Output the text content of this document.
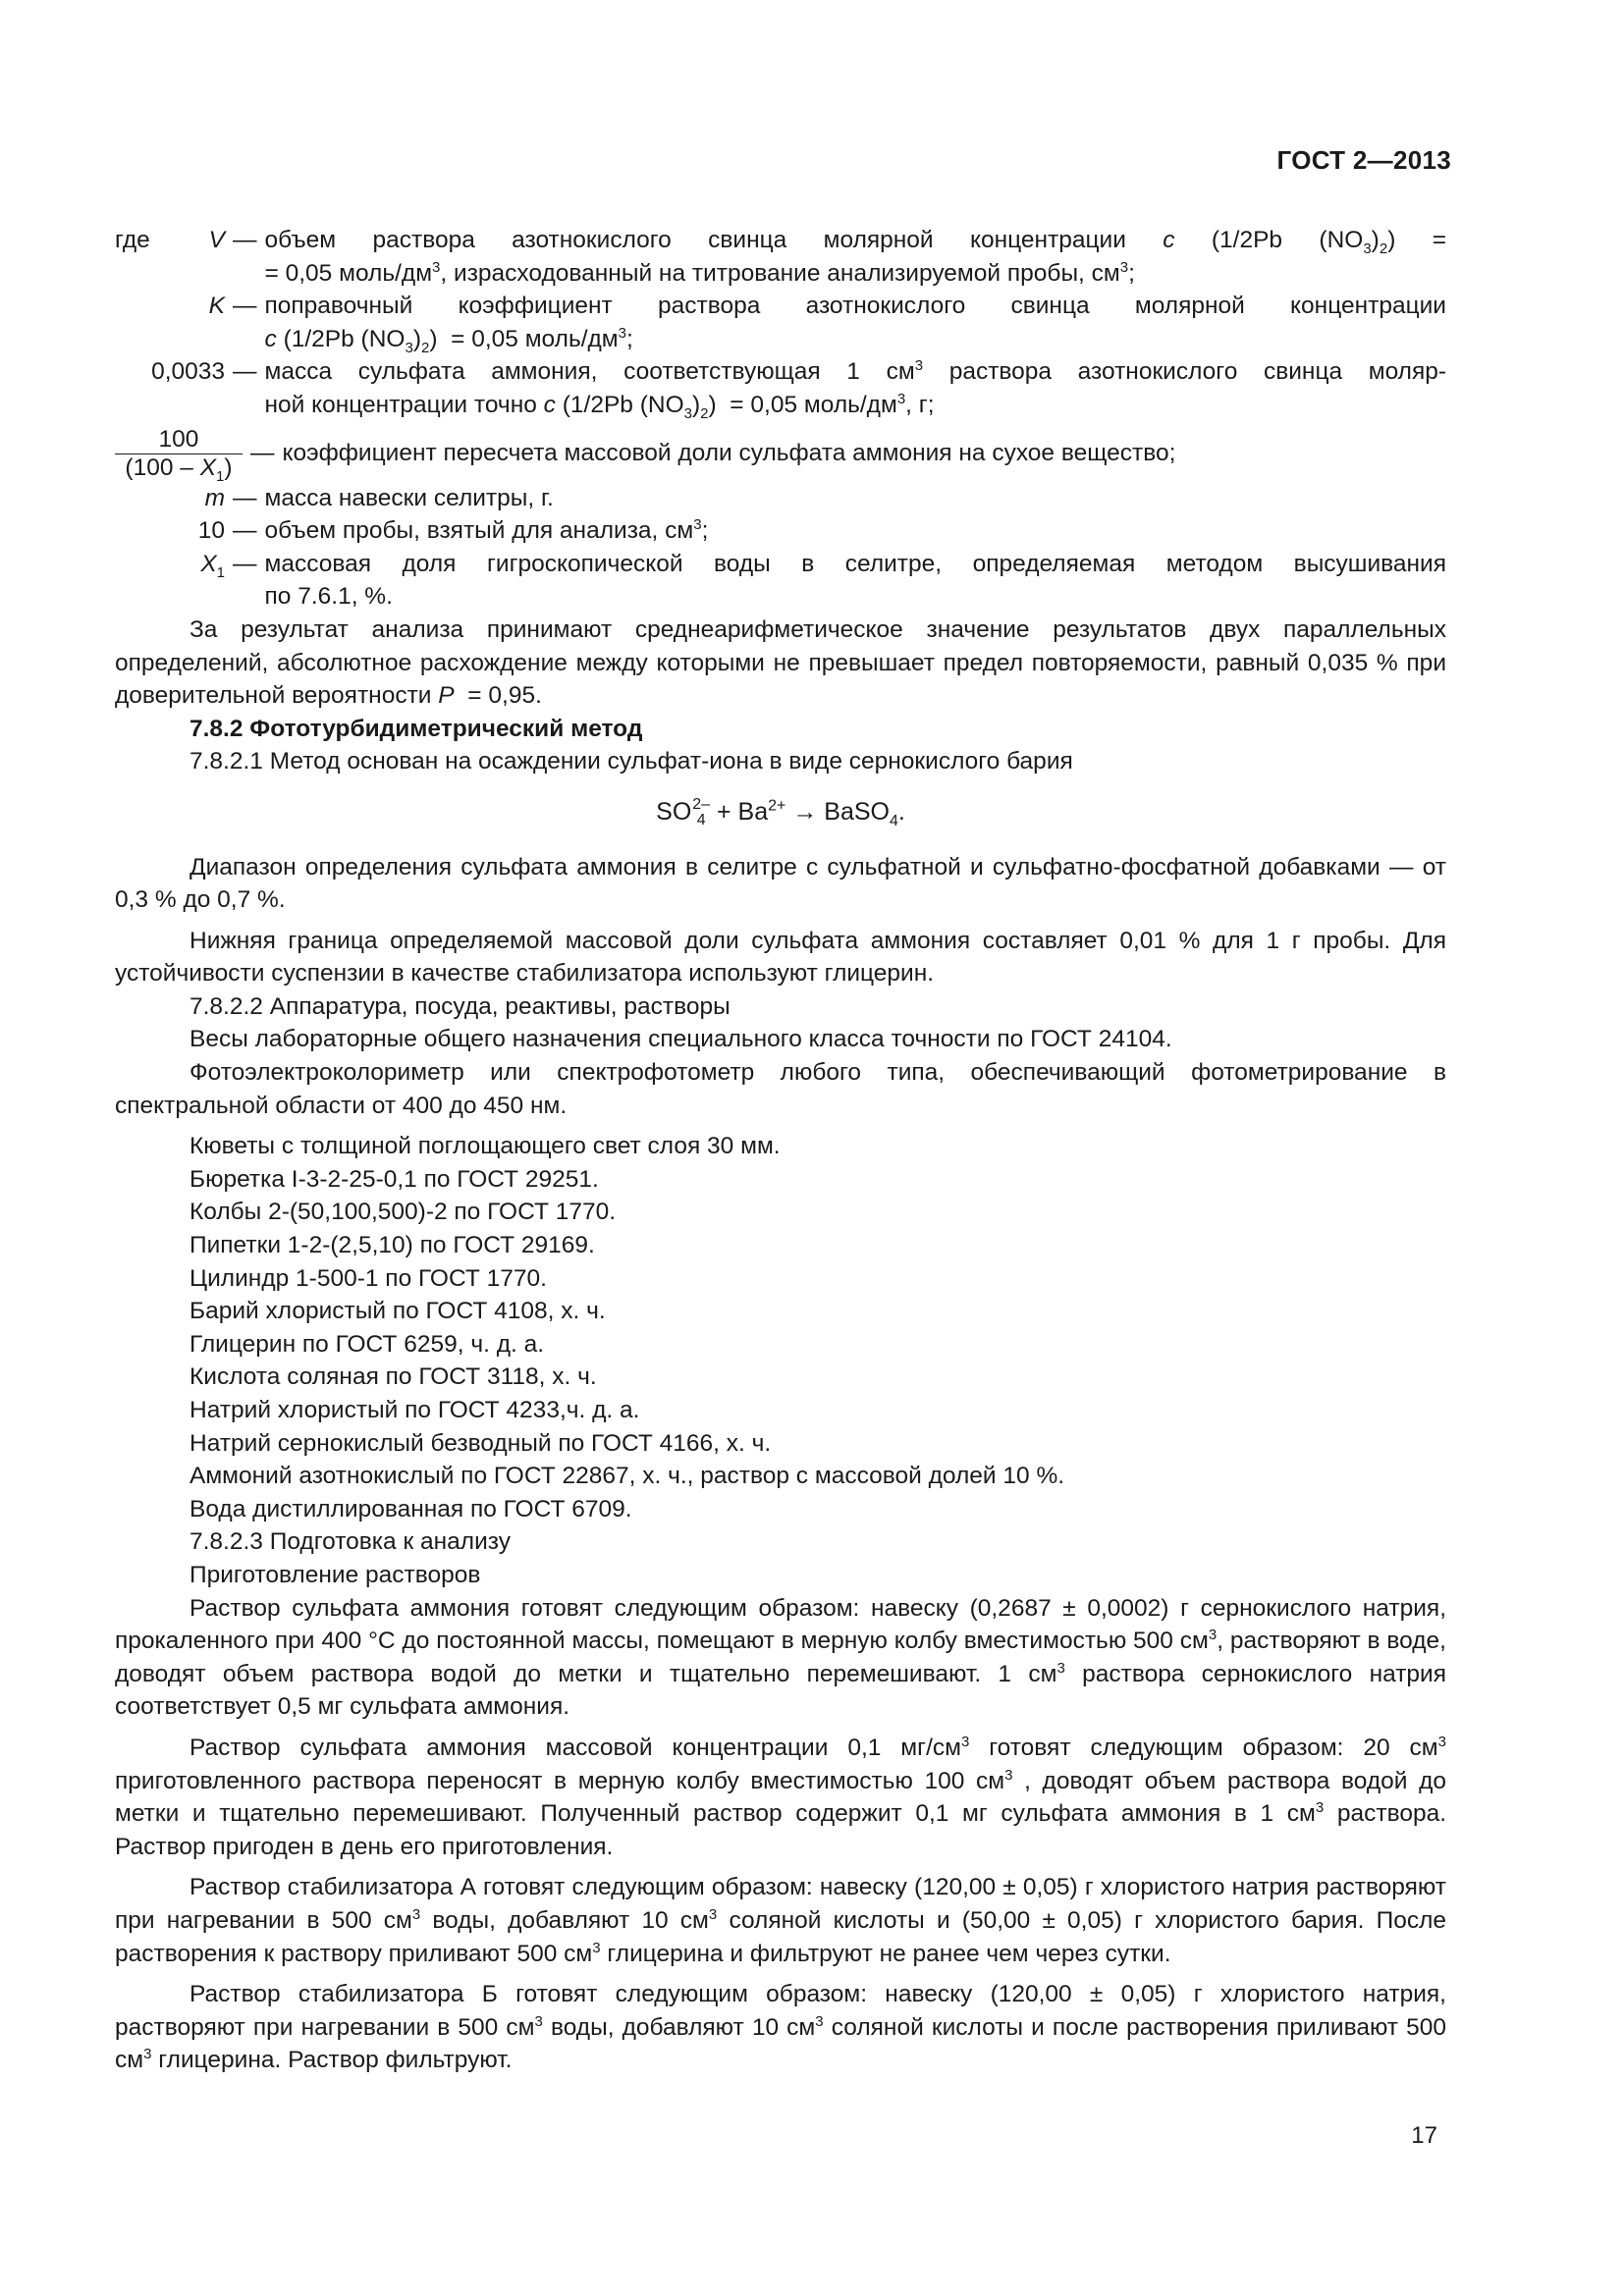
ГОСТ 2—2013
где	V — объем раствора азотнокислого свинца молярной концентрации c (1/2Pb $(NO_3)_2$) =
= 0,05 моль/$дм^3$, израсходованный на титрование анализируемой пробы, $см^3$;
K — поправочный коэффициент раствора азотнокислого свинца молярной концентрации
c (1/2Pb $(NO_3)_2) = 0,05$ моль/$дм^3$;
0,0033 — масса сульфата аммония, соответствующая 1 $см^3$ раствора азотнокислого свинца моляр-
ной концентрации точно c (1/2Pb $(NO_3)_2) = 0,05$ моль/$дм^3$, г;
$\frac{100}{(100 - X_1)}$ — коэффициент пересчета массовой доли сульфата аммония на сухое вещество;
m — масса навески селитры, г.
10 — объем пробы, взятый для анализа, $см^3$;
$X_1$ — массовая доля гигроскопической воды в селитре, определяемая методом высушивания
по 7.6.1, %.

За результат анализа принимают среднеарифметическое значение результатов двух параллельных определений, абсолютное расхождение между которыми не превышает предел повторяемости, равный 0,035 % при доверительной вероятности P = 0,95.

7.8.2 Фототурбидиметрический метод

7.8.2.1 Метод основан на осаждении сульфат-иона в виде сернокислого бария

SO 2–
$4 + Ba^{2+}$ → BaSO$_4$.

Диапазон определения сульфата аммония в селитре с сульфатной и сульфатно-фосфатной добавками — от 0,3 % до 0,7 %.

Нижняя граница определяемой массовой доли сульфата аммония составляет 0,01 % для 1 г пробы. Для устойчивости суспензии в качестве стабилизатора используют глицерин.

7.8.2.2 Аппаратура, посуда, реактивы, растворы

Весы лабораторные общего назначения специального класса точности по ГОСТ 24104.

Фотоэлектроколориметр или спектрофотометр любого типа, обеспечивающий фотометрирование в спектральной области от 400 до 450 нм.

Кюветы с толщиной поглощающего свет слоя 30 мм.

Бюретка I-3-2-25-0,1 по ГОСТ 29251.

Колбы 2-(50,100,500)-2 по ГОСТ 1770.

Пипетки 1-2-(2,5,10) по ГОСТ 29169.

Цилиндр 1-500-1 по ГОСТ 1770.

Барий хлористый по ГОСТ 4108, х. ч.

Глицерин по ГОСТ 6259, ч. д. а.

Кислота соляная по ГОСТ 3118, х. ч.

Натрий хлористый по ГОСТ 4233,ч. д. а.

Натрий сернокислый безводный по ГОСТ 4166, х. ч.

Аммоний азотнокислый по ГОСТ 22867, х. ч., раствор с массовой долей 10 %.

Вода дистиллированная по ГОСТ 6709.

7.8.2.3 Подготовка к анализу

Приготовление растворов

Раствор сульфата аммония готовят следующим образом: навеску (0,2687 ± 0,0002) г сернокислого натрия, прокаленного при 400 °С до постоянной массы, помещают в мерную колбу вместимостью 500 $см^3$, растворяют в воде, доводят объем раствора водой до метки и тщательно перемешивают. 1 $см^3$ раствора сернокислого натрия соответствует 0,5 мг сульфата аммония.

Раствор сульфата аммония массовой концентрации 0,1 $мг/см^3$ готовят следующим образом: 20 $см^3$ приготовленного раствора переносят в мерную колбу вместимостью 100 $см^3$ , доводят объем раствора водой до метки и тщательно перемешивают. Полученный раствор содержит 0,1 мг сульфата аммония в 1 $см^3$ раствора. Раствор пригоден в день его приготовления.

Раствор стабилизатора А готовят следующим образом: навеску (120,00 ± 0,05) г хлористого натрия растворяют при нагревании в 500 $см^3$ воды, добавляют 10 $см^3$ соляной кислоты и (50,00 ± 0,05) г хлористого бария. После растворения к раствору приливают 500 $см^3$ глицерина и фильтруют не ранее чем через сутки.

Раствор стабилизатора Б готовят следующим образом: навеску (120,00 ± 0,05) г хлористого натрия, растворяют при нагревании в 500 $см^3$ воды, добавляют 10 $см^3$ соляной кислоты и после растворения приливают 500 $см^3$ глицерина. Раствор фильтруют.

17
